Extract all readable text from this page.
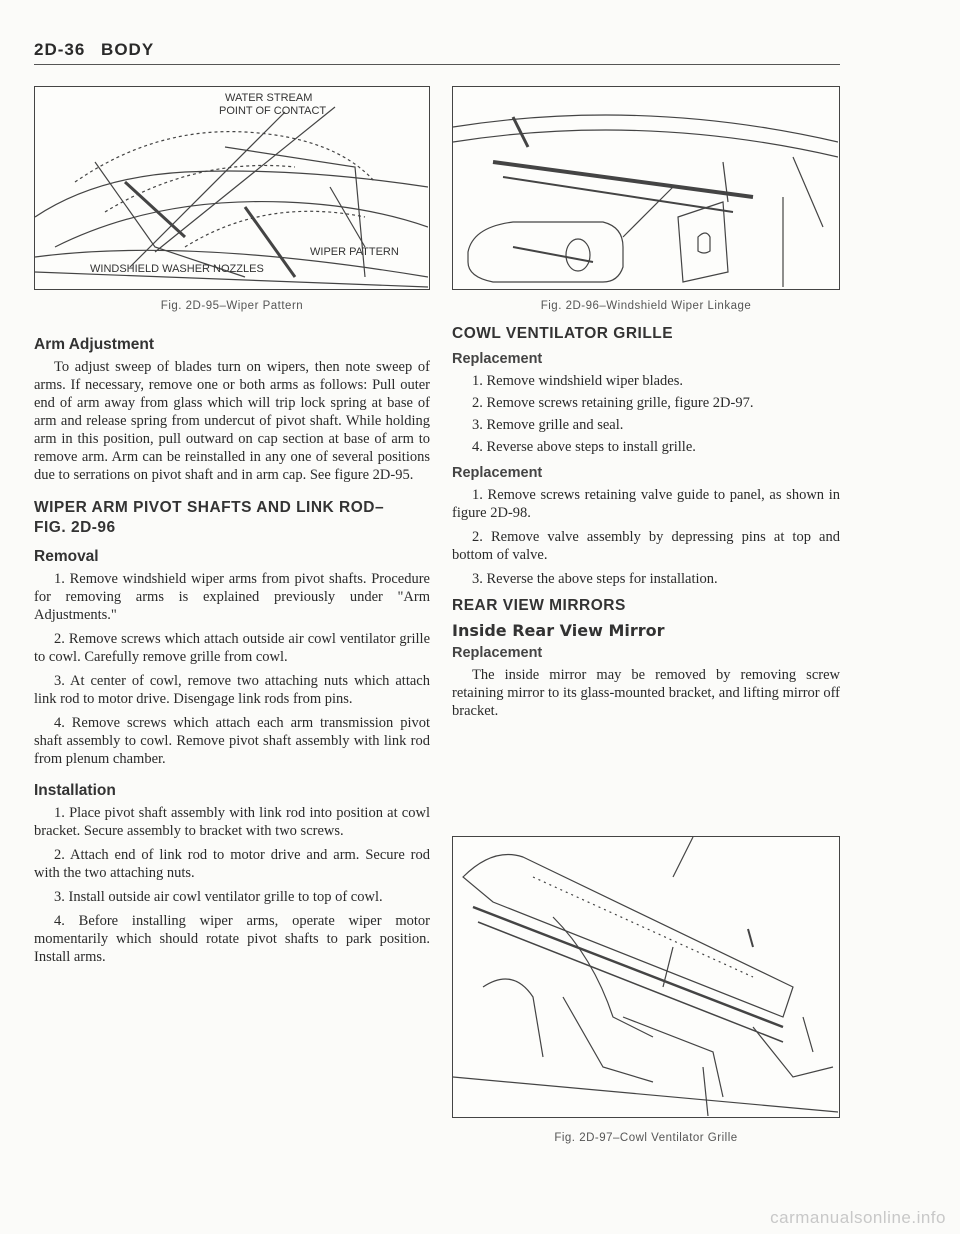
2D-36 BODY
WATER STREAM
POINT OF CONTACT
WIPER PATTERN
WINDSHIELD WASHER NOZZLES
Fig. 2D-95–Wiper Pattern	Fig. 2D-96–Windshield Wiper Linkage
Arm Adjustment

To adjust sweep of blades turn on wipers, then note sweep of arms. If necessary, remove one or both arms as follows: Pull outer end of arm away from glass which will trip lock spring at base of arm and release spring from undercut of pivot shaft. While holding arm in this position, pull outward on cap section at base of arm to remove arm. Arm can be reinstalled in any one of several positions due to serrations on pivot shaft and in arm cap. See figure 2D-95.

WIPER ARM PIVOT SHAFTS AND LINK ROD–
FIG. 2D-96
Removal

1. Remove windshield wiper arms from pivot shafts. Procedure for removing arms is explained previously under "Arm Adjustments."

2. Remove screws which attach outside air cowl ventilator grille to cowl. Carefully remove grille from cowl.

3. At center of cowl, remove two attaching nuts which attach link rod to motor drive. Disengage link rods from pins.

4. Remove screws which attach each arm transmission pivot shaft assembly to cowl. Remove pivot shaft assembly with link rod from plenum chamber.

Installation

1. Place pivot shaft assembly with link rod into position at cowl bracket. Secure assembly to bracket with two screws.

2. Attach end of link rod to motor drive and arm. Secure rod with the two attaching nuts.

3. Install outside air cowl ventilator grille to top of cowl.

4. Before installing wiper arms, operate wiper motor momentarily which should rotate pivot shafts to park position. Install arms.

COWL VENTILATOR GRILLE
Replacement
1. Remove windshield wiper blades.
2. Remove screws retaining grille, figure 2D-97.
3. Remove grille and seal.
4. Reverse above steps to install grille.
Replacement

1. Remove screws retaining valve guide to panel, as shown in figure 2D-98.

2. Remove valve assembly by depressing pins at top and bottom of valve.

3. Reverse the above steps for installation.

REAR VIEW MIRRORS
Inside Rear View Mirror
Replacement

The inside mirror may be removed by removing screw retaining mirror to its glass-mounted bracket, and lifting mirror off bracket.

Fig. 2D-97–Cowl Ventilator Grille
carmanualsonline.info
